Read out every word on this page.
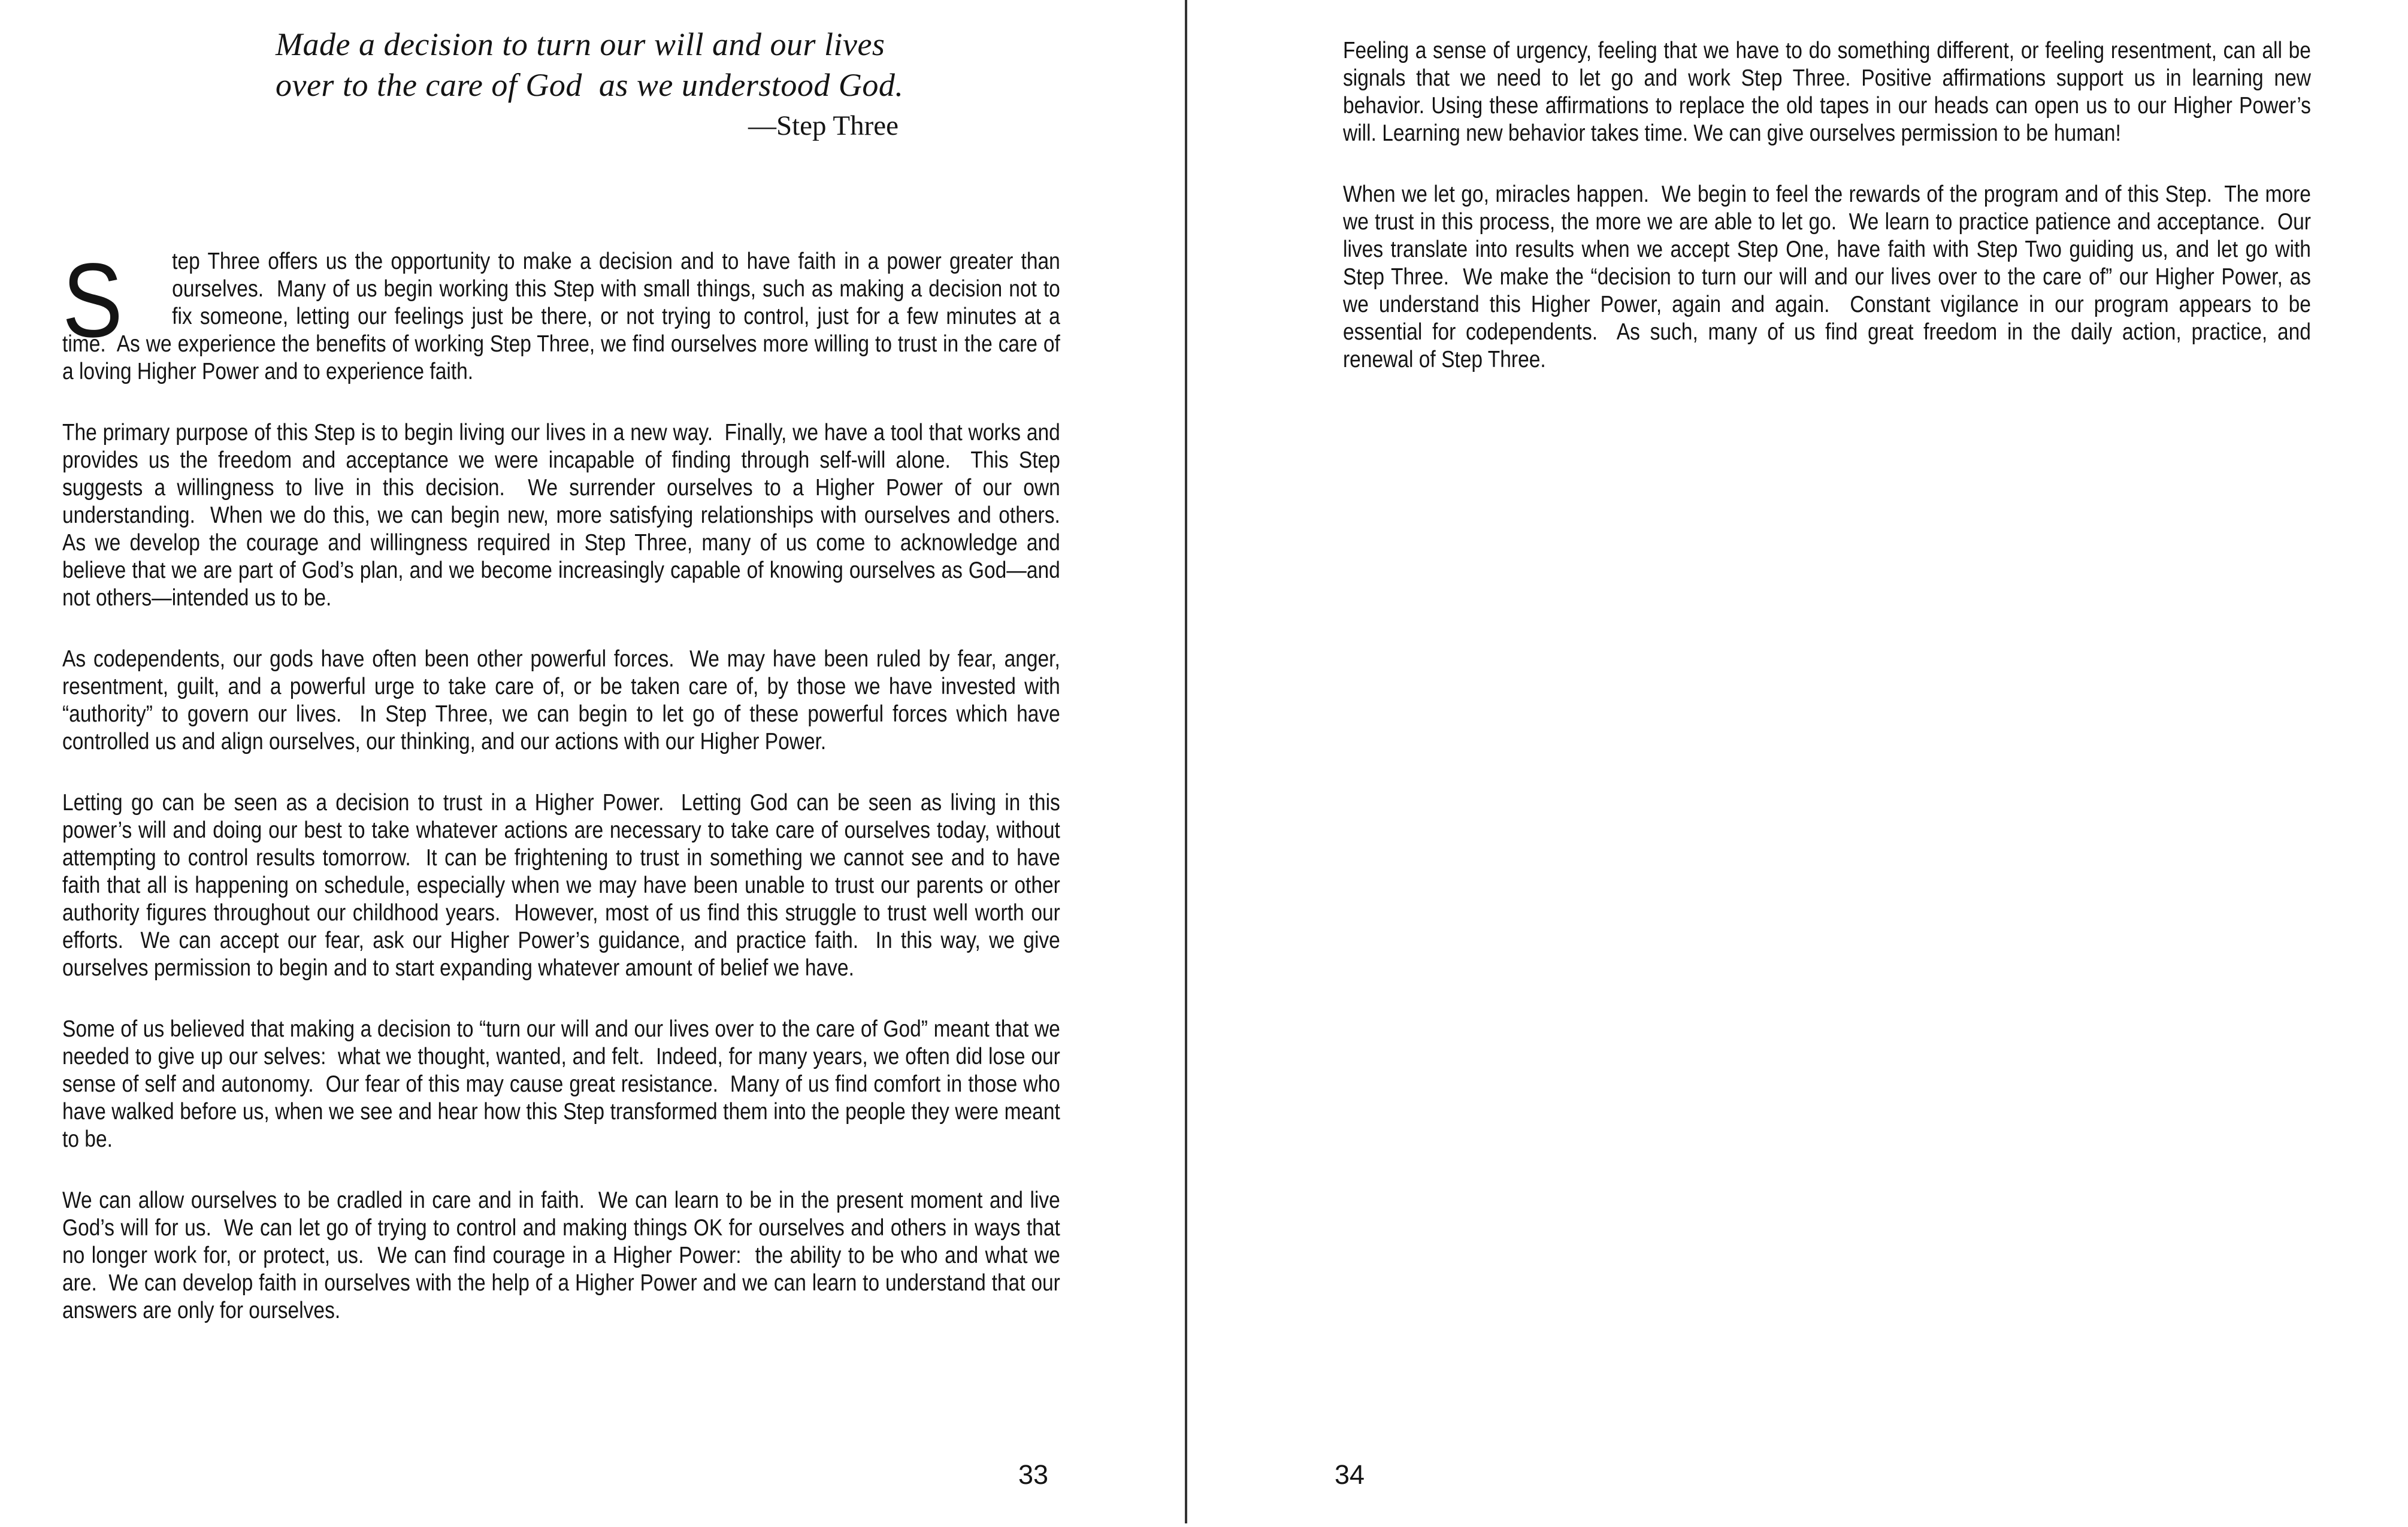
Made a decision to turn our will and our lives
over to the care of God  as we understood God.
—Step Three

S	tep Three offers us the opportunity to make a decision and to have faith in a power greater than ourselves.  Many of us begin working this Step with small things, such as making a decision not to fix someone, letting our feelings just be there, or not trying to control, just for a few minutes at a time.  As we experience the benefits of working Step Three, we find ourselves more willing to trust in the care of a loving Higher Power and to experience faith.

The primary purpose of this Step is to begin living our lives in a new way.  Finally, we have a tool that works and provides us the freedom and acceptance we were incapable of finding through self-will alone.  This Step suggests a willingness to live in this decision.  We surrender ourselves to a Higher Power of our own understanding.  When we do this, we can begin new, more satisfying relationships with ourselves and others.  As we develop the courage and willingness required in Step Three, many of us come to acknowledge and believe that we are part of God’s plan, and we become increasingly capable of knowing ourselves as God—and not others—intended us to be.

As codependents, our gods have often been other powerful forces.  We may have been ruled by fear, anger, resentment, guilt, and a powerful urge to take care of, or be taken care of, by those we have invested with “authority” to govern our lives.  In Step Three, we can begin to let go of these powerful forces which have controlled us and align ourselves, our thinking, and our actions with our Higher Power.

Letting go can be seen as a decision to trust in a Higher Power.  Letting God can be seen as living in this power’s will and doing our best to take whatever actions are necessary to take care of ourselves today, without attempting to control results tomorrow.  It can be frightening to trust in something we cannot see and to have faith that all is happening on schedule, especially when we may have been unable to trust our parents or other authority figures throughout our childhood years.  However, most of us find this struggle to trust well worth our efforts.  We can accept our fear, ask our Higher Power’s guidance, and practice faith.  In this way, we give ourselves permission to begin and to start expanding whatever amount of belief we have.

Some of us believed that making a decision to “turn our will and our lives over to the care of God” meant that we needed to give up our selves:  what we thought, wanted, and felt.  Indeed, for many years, we often did lose our sense of self and autonomy.  Our fear of this may cause great resistance.  Many of us find comfort in those who have walked before us, when we see and hear how this Step transformed them into the people they were meant to be.

We can allow ourselves to be cradled in care and in faith.  We can learn to be in the present moment and live God’s will for us.  We can let go of trying to control and making things OK for ourselves and others in ways that no longer work for, or protect, us.  We can find courage in a Higher Power:  the ability to be who and what we are.  We can develop faith in ourselves with the help of a Higher Power and we can learn to understand that our answers are only for ourselves.

33

Feeling a sense of urgency, feeling that we have to do something different, or feeling resentment, can all be signals that we need to let go and work Step Three. Positive affirmations support us in learning new behavior. Using these affirmations to replace the old tapes in our heads can open us to our Higher Power’s will. Learning new behavior takes time. We can give ourselves permission to be human!

When we let go, miracles happen.  We begin to feel the rewards of the program and of this Step.  The more we trust in this process, the more we are able to let go.  We learn to practice patience and acceptance.  Our lives translate into results when we accept Step One, have faith with Step Two guiding us, and let go with Step Three.  We make the “decision to turn our will and our lives over to the care of” our Higher Power, as we understand this Higher Power, again and again.  Constant vigilance in our program appears to be essential for codependents.  As such, many of us find great freedom in the daily action, practice, and renewal of Step Three.

34
